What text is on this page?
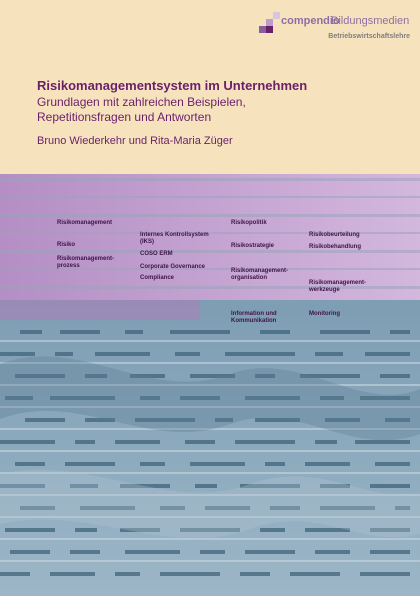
compendio
Bildungsmedien
Betriebswirtschaftslehre
Risikomanagementsystem im Unternehmen
Grundlagen mit zahlreichen Beispielen,
Repetitionsfragen und Antworten
Bruno Wiederkehr und Rita-Maria Züger
Risikomanagement
Risiko
Risikomanagement-
prozess
Internes Kontrollsystem
(IKS)
COSO ERM
Corporate Governance
Compliance
Risikopolitik
Risikostrategie
Risikomanagement-
organisation
Information und
Kommunikation
Risikobeurteilung
Risikobehandlung
Risikomanagement-
werkzeuge
Monitoring
